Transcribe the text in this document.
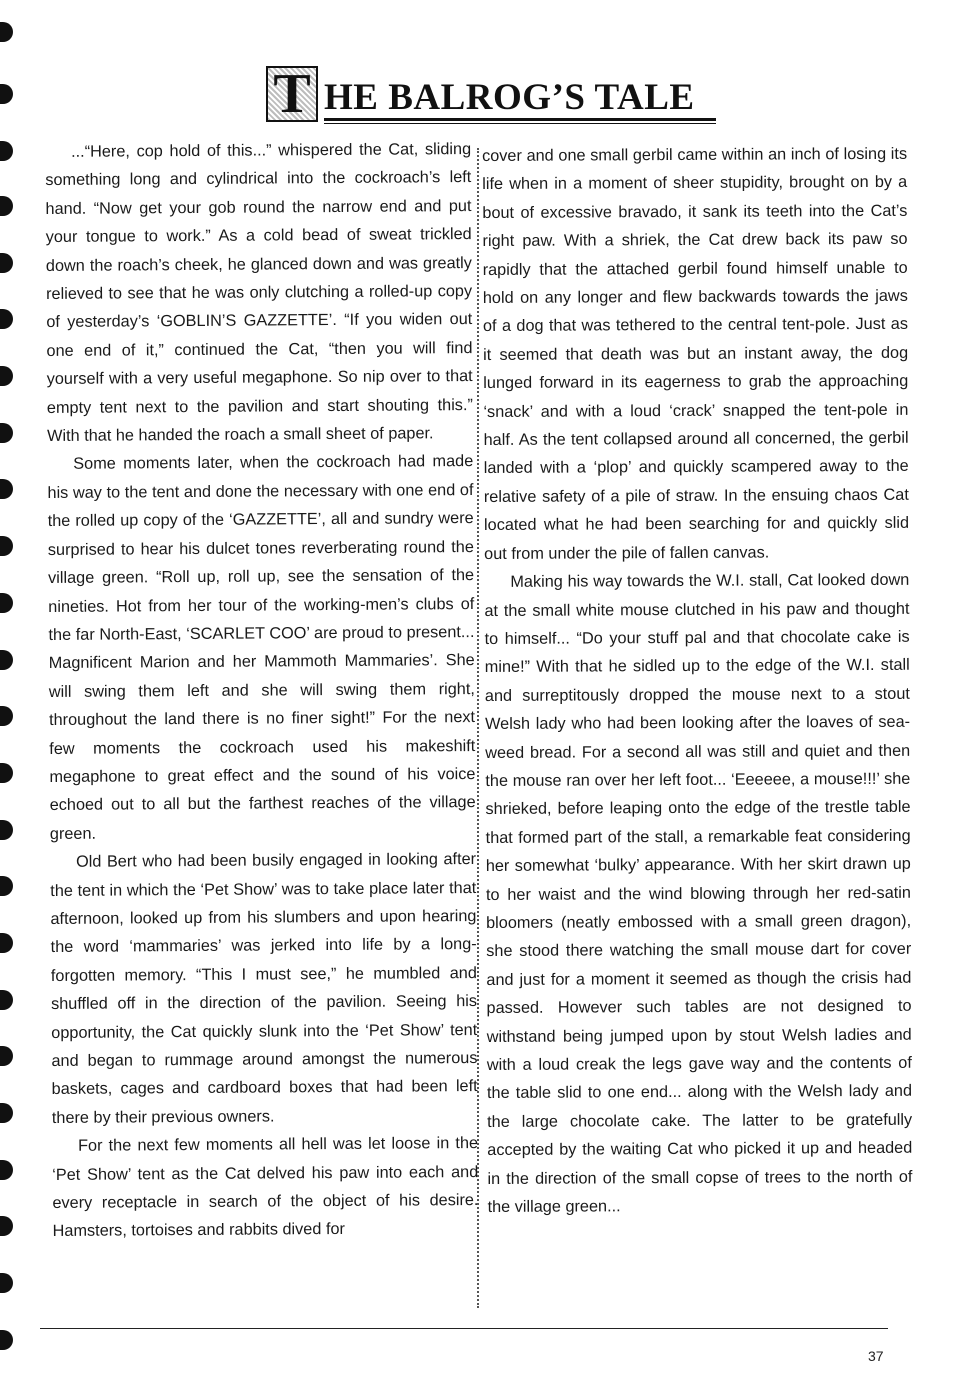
T HE BALROG’S TALE

...“Here, cop hold of this...” whispered the Cat, sliding something long and cylindrical into the cockroach’s left hand. “Now get your gob round the narrow end and put your tongue to work.” As a cold bead of sweat trickled down the roach’s cheek, he glanced down and was greatly relieved to see that he was only clutching a rolled-up copy of yesterday’s ‘GOBLIN’S GAZZETTE’. “If you widen out one end of it,” continued the Cat, “then you will find yourself with a very useful megaphone. So nip over to that empty tent next to the pavilion and start shouting this.” With that he handed the roach a small sheet of paper.

Some moments later, when the cockroach had made his way to the tent and done the necessary with one end of the rolled up copy of the ‘GAZZETTE’, all and sundry were surprised to hear his dulcet tones reverberating round the village green. “Roll up, roll up, see the sensation of the nineties. Hot from her tour of the working-men’s clubs of the far North-East, ‘SCARLET COO’ are proud to present... Magnificent Marion and her Mammoth Mammaries’. She will swing them left and she will swing them right, throughout the land there is no finer sight!” For the next few moments the cockroach used his makeshift megaphone to great effect and the sound of his voice echoed out to all but the farthest reaches of the village green.

Old Bert who had been busily engaged in looking after the tent in which the ‘Pet Show’ was to take place later that afternoon, looked up from his slumbers and upon hearing the word ‘mammaries’ was jerked into life by a long-forgotten memory. “This I must see,” he mumbled and shuffled off in the direction of the pavilion. Seeing his opportunity, the Cat quickly slunk into the ‘Pet Show’ tent and began to rummage around amongst the numerous baskets, cages and cardboard boxes that had been left there by their previous owners.

For the next few moments all hell was let loose in the ‘Pet Show’ tent as the Cat delved his paw into each and every receptacle in search of the object of his desire. Hamsters, tortoises and rabbits dived for

cover and one small gerbil came within an inch of losing its life when in a moment of sheer stupidity, brought on by a bout of excessive bravado, it sank its teeth into the Cat’s right paw. With a shriek, the Cat drew back its paw so rapidly that the attached gerbil found himself unable to hold on any longer and flew backwards towards the jaws of a dog that was tethered to the central tent-pole. Just as it seemed that death was but an instant away, the dog lunged forward in its eagerness to grab the approaching ‘snack’ and with a loud ‘crack’ snapped the tent-pole in half. As the tent collapsed around all concerned, the gerbil landed with a ‘plop’ and quickly scampered away to the relative safety of a pile of straw. In the ensuing chaos Cat located what he had been searching for and quickly slid out from under the pile of fallen canvas.

Making his way towards the W.I. stall, Cat looked down at the small white mouse clutched in his paw and thought to himself... “Do your stuff pal and that chocolate cake is mine!” With that he sidled up to the edge of the W.I. stall and surreptitously dropped the mouse next to a stout Welsh lady who had been looking after the loaves of sea-weed bread. For a second all was still and quiet and then the mouse ran over her left foot... ‘Eeeeee, a mouse!!!’ she shrieked, before leaping onto the edge of the trestle table that formed part of the stall, a remarkable feat considering her somewhat ‘bulky’ appearance. With her skirt drawn up to her waist and the wind blowing through her red-satin bloomers (neatly embossed with a small green dragon), she stood there watching the small mouse dart for cover and just for a moment it seemed as though the crisis had passed. However such tables are not designed to withstand being jumped upon by stout Welsh ladies and with a loud creak the legs gave way and the contents of the table slid to one end... along with the Welsh lady and the large chocolate cake. The latter to be gratefully accepted by the waiting Cat who picked it up and headed in the direction of the small copse of trees to the north of the village green...

37
